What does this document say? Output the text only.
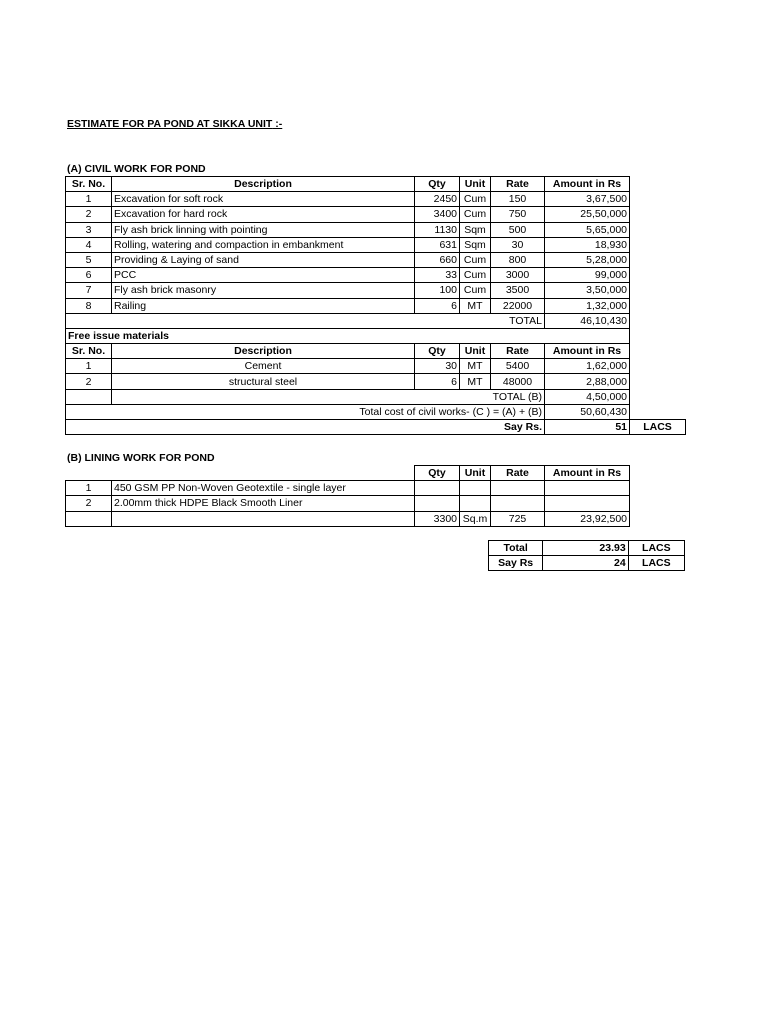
ESTIMATE FOR PA POND AT SIKKA UNIT :-
(A) CIVIL WORK FOR POND
Sr. No.	Description	Qty	Unit	Rate	Amount in Rs	
1	Excavation for soft rock	2450	Cum	150	3,67,500	
2	Excavation for hard rock	3400	Cum	750	25,50,000	
3	Fly ash brick linning with pointing	1130	Sqm	500	5,65,000	
4	Rolling, watering and compaction in embankment	631	Sqm	30	18,930	
5	Providing & Laying of sand	660	Cum	800	5,28,000	
6	PCC	33	Cum	3000	99,000	
7	Fly ash brick masonry	100	Cum	3500	3,50,000	
8	Railing	6	MT	22000	1,32,000	
TOTAL					46,10,430	
Free issue materials						
Sr. No.	Description	Qty	Unit	Rate	Amount in Rs	
1	Cement	30	MT	5400	1,62,000	
2	structural steel	6	MT	48000	2,88,000	
	TOTAL (B)				4,50,000	
Total cost of civil works- (C ) = (A) + (B)					50,60,430	
Say Rs.					51	LACS
(B) LINING WORK FOR POND
		Qty	Unit	Rate	Amount in Rs
1	450 GSM PP Non-Woven Geotextile - single layer				
2	2.00mm thick HDPE Black Smooth Liner				
		3300	Sq.m	725	23,92,500
Total	23.93	LACS
Say Rs	24	LACS
